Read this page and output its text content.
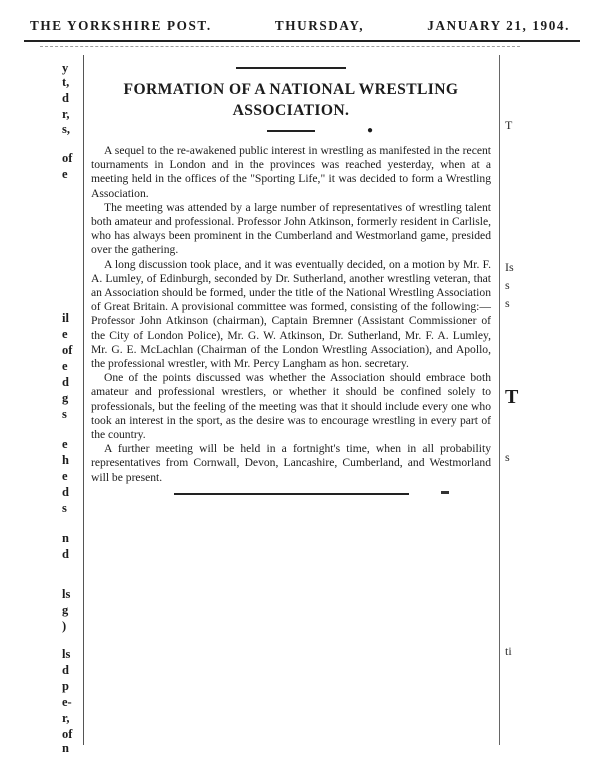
THE YORKSHIRE POST.	THURSDAY,	JANUARY 21, 1904.
y
t,
d
r,
s,
of
e
il
e
of
e
d
g
s
e
h
e
d
s
n
d
ls
g
)
ls
d
p
e-
r,
of
n
FORMATION OF A NATIONAL WRESTLING ASSOCIATION.
●

A sequel to the re-awakened public interest in wrestling as manifested in the recent tournaments in London and in the provinces was reached yesterday, when at a meeting held in the offices of the "Sporting Life," it was decided to form a Wrestling Association.

The meeting was attended by a large number of representatives of wrestling talent both amateur and professional. Professor John Atkinson, formerly resident in Carlisle, who has always been prominent in the Cumberland and Westmorland game, presided over the gathering.

A long discussion took place, and it was eventually decided, on a motion by Mr. F. A. Lumley, of Edinburgh, seconded by Dr. Sutherland, another wrestling veteran, that an Association should be formed, under the title of the National Wrestling Association of Great Britain. A provisional committee was formed, consisting of the following:—Professor John Atkinson (chairman), Captain Bremner (Assistant Commissioner of the City of London Police), Mr. G. W. Atkinson, Dr. Sutherland, Mr. F. A. Lumley, Mr. G. E. McLachlan (Chairman of the London Wrestling Association), and Apollo, the professional wrestler, with Mr. Percy Langham as hon. secretary.

One of the points discussed was whether the Association should embrace both amateur and professional wrestlers, or whether it should be confined solely to professionals, but the feeling of the meeting was that it should include every one who took an interest in the sport, as the desire was to encourage wrestling in every part of the country.

A further meeting will be held in a fortnight's time, when in all probability representatives from Cornwall, Devon, Lancashire, Cumberland, and Westmorland will be present.

T
Is
s
s
T
s
ti
